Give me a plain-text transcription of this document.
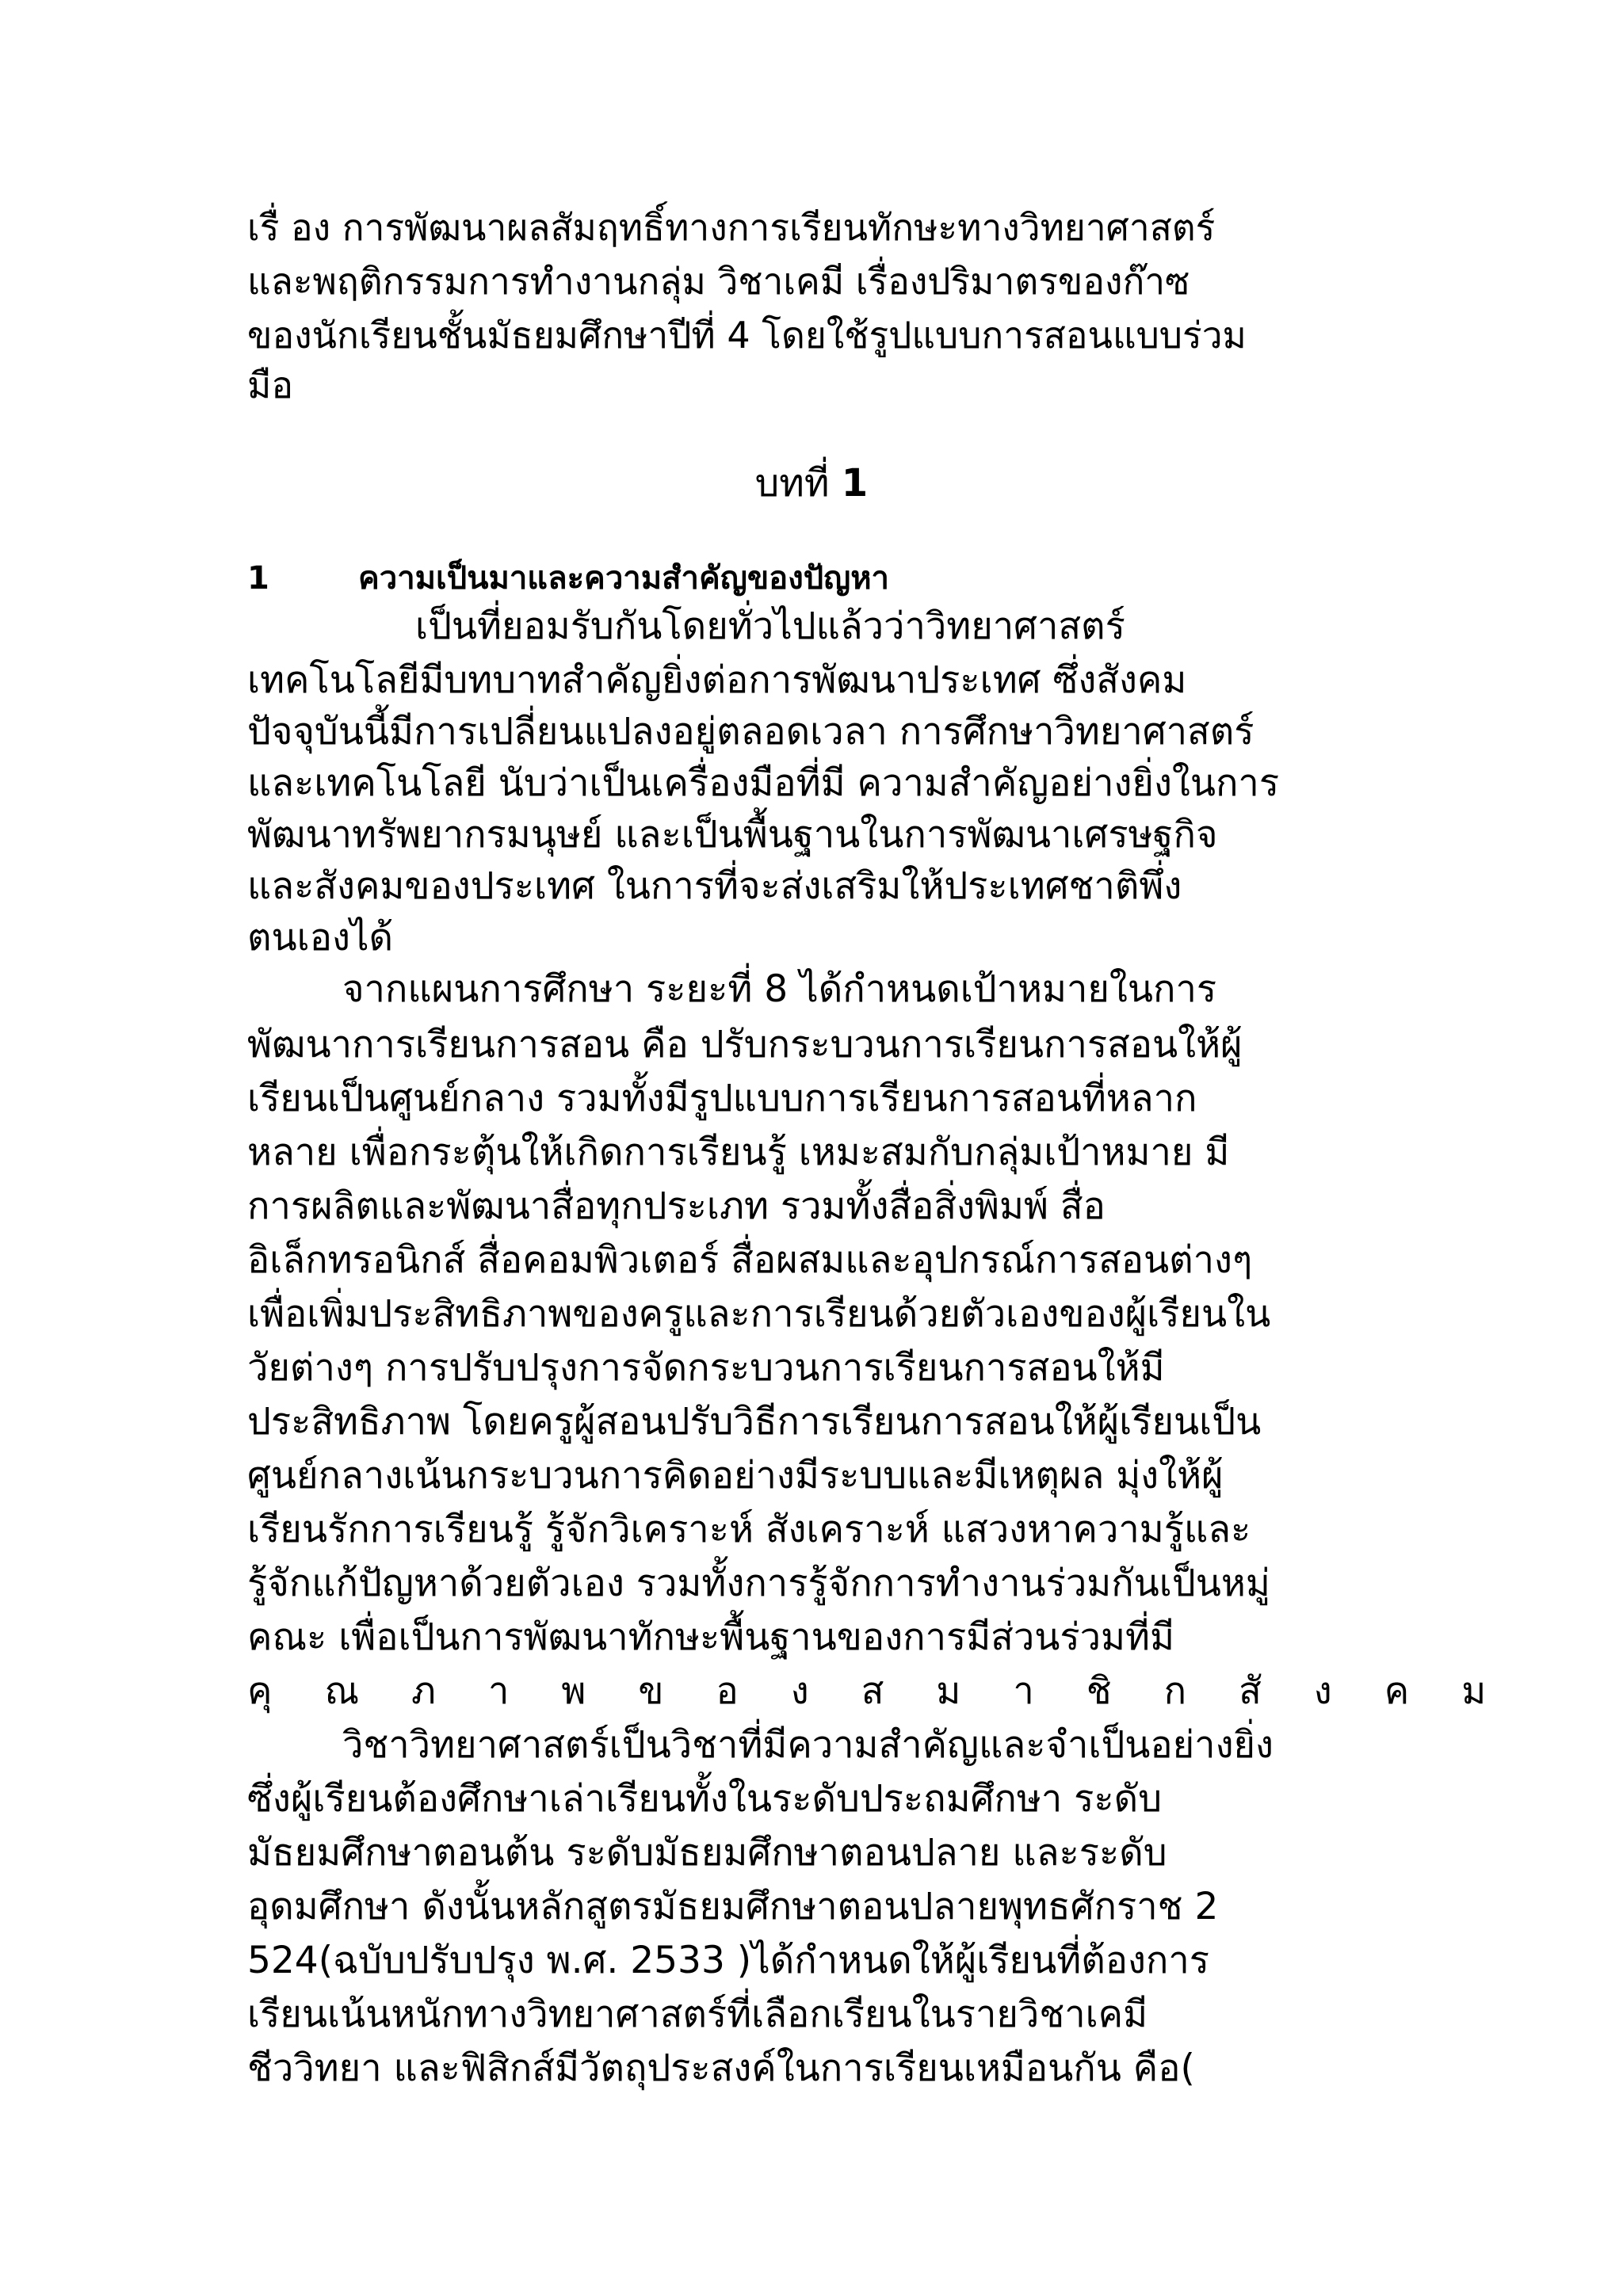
เรื่ อง การพัฒนาผลสัมฤทธิ์ทางการเรียนทักษะทางวิทยาศาสตร์
และพฤติกรรมการทำงานกลุ่ม วิชาเคมี เรื่องปริมาตรของก๊าซ
ของนักเรียนชั้นมัธยมศึกษาปีที่ 4 โดยใช้รูปแบบการสอนแบบร่วม
มือ
บทที่ 1
1	ความเป็นมาและความสำคัญของปัญหา
เป็นที่ยอมรับกันโดยทั่วไปแล้วว่าวิทยาศาสตร์
เทคโนโลยีมีบทบาทสำคัญยิ่งต่อการพัฒนาประเทศ ซึ่งสังคม
ปัจจุบันนี้มีการเปลี่ยนแปลงอยู่ตลอดเวลา การศึกษาวิทยาศาสตร์
และเทคโนโลยี นับว่าเป็นเครื่องมือที่มี ความสำคัญอย่างยิ่งในการ
พัฒนาทรัพยากรมนุษย์ และเป็นพื้นฐานในการพัฒนาเศรษฐกิจ
และสังคมของประเทศ ในการที่จะส่งเสริมให้ประเทศชาติพึ่ง
ตนเองได้
จากแผนการศึกษา ระยะที่ 8 ได้กำหนดเป้าหมายในการ
พัฒนาการเรียนการสอน คือ ปรับกระบวนการเรียนการสอนให้ผู้
เรียนเป็นศูนย์กลาง รวมทั้งมีรูปแบบการเรียนการสอนที่หลาก
หลาย เพื่อกระตุ้นให้เกิดการเรียนรู้ เหมะสมกับกลุ่มเป้าหมาย มี
การผลิตและพัฒนาสื่อทุกประเภท รวมทั้งสื่อสิ่งพิมพ์ สื่อ
อิเล็กทรอนิกส์ สื่อคอมพิวเตอร์ สื่อผสมและอุปกรณ์การสอนต่างๆ
เพื่อเพิ่มประสิทธิภาพของครูและการเรียนด้วยตัวเองของผู้เรียนใน
วัยต่างๆ การปรับปรุงการจัดกระบวนการเรียนการสอนให้มี
ประสิทธิภาพ โดยครูผู้สอนปรับวิธีการเรียนการสอนให้ผู้เรียนเป็น
ศูนย์กลางเน้นกระบวนการคิดอย่างมีระบบและมีเหตุผล มุ่งให้ผู้
เรียนรักการเรียนรู้ รู้จักวิเคราะห์ สังเคราะห์ แสวงหาความรู้และ
รู้จักแก้ปัญหาด้วยตัวเอง รวมทั้งการรู้จักการทำงานร่วมกันเป็นหมู่
คณะ เพื่อเป็นการพัฒนาทักษะพื้นฐานของการมีส่วนร่วมที่มี
คุณภาพของสมาชิกสังคม
วิชาวิทยาศาสตร์เป็นวิชาที่มีความสำคัญและจำเป็นอย่างยิ่ง
ซึ่งผู้เรียนต้องศึกษาเล่าเรียนทั้งในระดับประถมศึกษา ระดับ
มัธยมศึกษาตอนต้น ระดับมัธยมศึกษาตอนปลาย และระดับ
อุดมศึกษา ดังนั้นหลักสูตรมัธยมศึกษาตอนปลายพุทธศักราช 2
524(ฉบับปรับปรุง พ.ศ. 2533 )ได้กำหนดให้ผู้เรียนที่ต้องการ
เรียนเน้นหนักทางวิทยาศาสตร์ที่เลือกเรียนในรายวิชาเคมี
ชีววิทยา และฟิสิกส์มีวัตถุประสงค์ในการเรียนเหมือนกัน คือ(
